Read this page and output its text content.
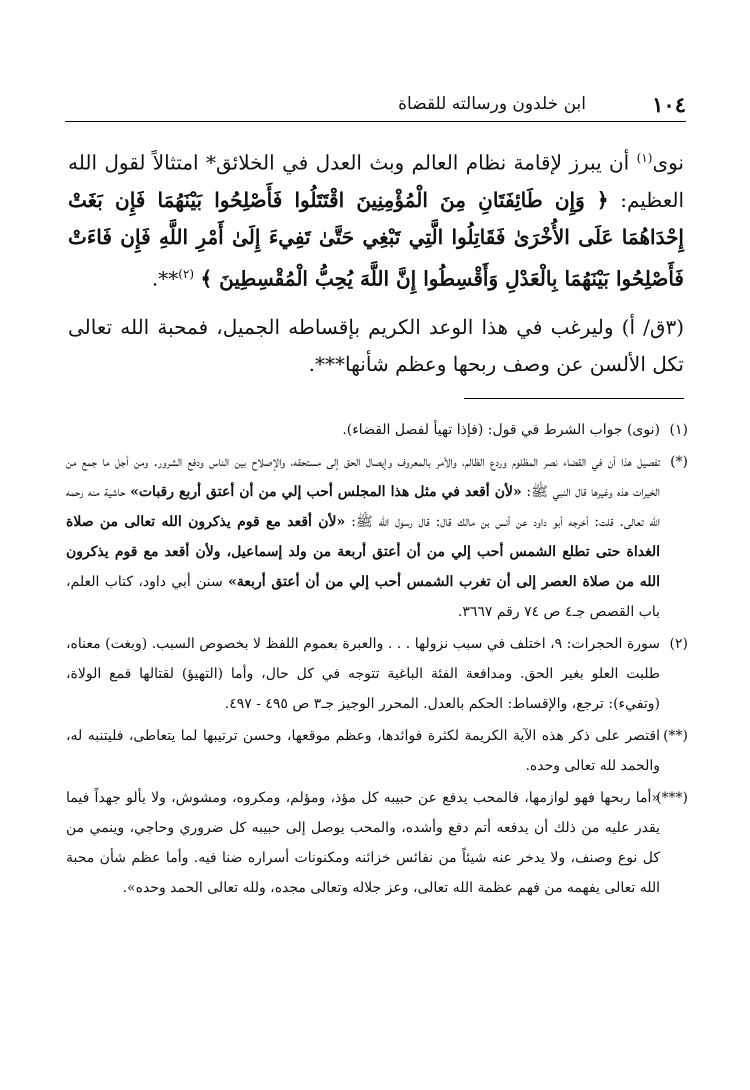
١٠٤
ابن خلدون ورسالته للقضاة

نوى$^{(١)}$ أن يبرز لإقامة نظام العالم وبث العدل في الخلائق* امتثالاً لقول الله العظيم: ﴿ وَإِن طَائِفَتَانِ مِنَ الْمُؤْمِنِينَ اقْتَتَلُوا فَأَصْلِحُوا بَيْنَهُمَا فَإِن بَغَتْ إِحْدَاهُمَا عَلَى الأُخْرَىٰ فَقَاتِلُوا الَّتِي تَبْغِي حَتَّىٰ تَفِيءَ إِلَىٰ أَمْرِ اللَّهِ فَإِن فَاءَتْ فَأَصْلِحُوا بَيْنَهُمَا بِالْعَدْلِ وَأَقْسِطُوا إِنَّ اللَّهَ يُحِبُّ الْمُقْسِطِينَ ﴾ $^{(٢)}$**.

(٣ق/ أ) وليرغب في هذا الوعد الكريم بإقساطه الجميل، فمحبة الله تعالى تكل الألسن عن وصف ربحها وعظم شأنها***.

(١)
(نوى) جواب الشرط في قول: (فإذا تهيأ لفصل القضاء).

(*)
تفصيل هذا أن في القضاء نصر المظلوم وردع الظالم، والأمر بالمعروف وإيصال الحق إلى مستحقه، والإصلاح بين الناس ودفع الشرور. ومن أجل ما جمع من الخيرات هذه وغيرها قال النبي ﷺ: «لأن أقعد في مثل هذا المجلس أحب إلي من أن أعتق أربع رقبات» حاشية منه رحمه الله تعالى. قلت: أخرجه أبو داود عن أنس بن مالك قال: قال رسول الله ﷺ: «لأن أقعد مع قوم يذكرون الله تعالى من صلاة الغداة حتى تطلع الشمس أحب إلي من أن أعتق أربعة من ولد إسماعيل، ولأن أقعد مع قوم يذكرون الله من صلاة العصر إلى أن تغرب الشمس أحب إلي من أن أعتق أربعة» سنن أبي داود، كتاب العلم، باب القصص جـ٤ ص ٧٤ رقم ٣٦٦٧.

(٢)
سورة الحجرات: ٩، اختلف في سبب نزولها . . . والعبرة بعموم اللفظ لا بخصوص السبب. (وبغت) معناه، طلبت العلو بغير الحق. ومدافعة الفئة الباغية تتوجه في كل حال، وأما (التهيؤ) لقتالها فمع الولاة، (وتفيء): ترجع، والإقساط: الحكم بالعدل. المحرر الوجيز جـ٣ ص ٤٩٥ - ٤٩٧.

(**)
اقتصر على ذكر هذه الآية الكريمة لكثرة فوائدها، وعظم موقعها، وحسن ترتيبها لما يتعاطى، فليتنبه له، والحمد لله تعالى وحده.

(***)
«أما ربحها فهو لوازمها، فالمحب يدفع عن حبيبه كل مؤذ، ومؤلم، ومكروه، ومشوش، ولا يألو جهداً فيما يقدر عليه من ذلك أن يدفعه أتم دفع وأشده، والمحب يوصل إلى حبيبه كل ضروري وحاجي، وينمي من كل نوع وصنف، ولا يدخر عنه شيئاً من نفائس خزائنه ومكنونات أسراره ضنا فيه. وأما عظم شأن محبة الله تعالى يفهمه من فهم عظمة الله تعالى، وعز جلاله وتعالى مجده، ولله تعالى الحمد وحده».
